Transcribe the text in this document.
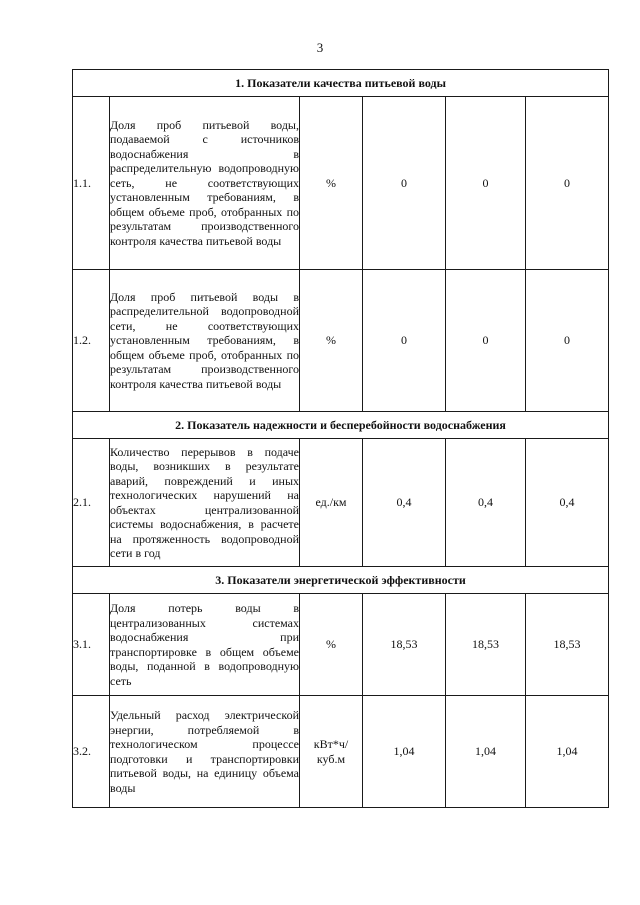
3
1. Показатели качества питьевой воды					
1.1.	Доля проб питьевой воды, подаваемой с источников водоснабжения в распределительную водопроводную сеть, не соответствующих установленным требованиям, в общем объеме проб, отобранных по результатам производственного контроля качества питьевой воды	%	0	0	0
1.2.	Доля проб питьевой воды в распределительной водопроводной сети, не соответствующих установленным требованиям, в общем объеме проб, отобранных по результатам производственного контроля качества питьевой воды	%	0	0	0
2. Показатель надежности и бесперебойности водоснабжения					
2.1.	Количество перерывов в подаче воды, возникших в результате аварий, повреждений и иных технологических нарушений на объектах централизованной системы водоснабжения, в расчете на протяженность водопроводной сети в год	ед./км	0,4	0,4	0,4
3. Показатели энергетической эффективности					
3.1.	Доля потерь воды в централизованных системах водоснабжения при транспортировке в общем объеме воды, поданной в водопроводную сеть	%	18,53	18,53	18,53
3.2.	Удельный расход электрической энергии, потребляемой в технологическом процессе подготовки и транспортировки питьевой воды, на единицу объема воды	кВт*ч/ куб.м	1,04	1,04	1,04
